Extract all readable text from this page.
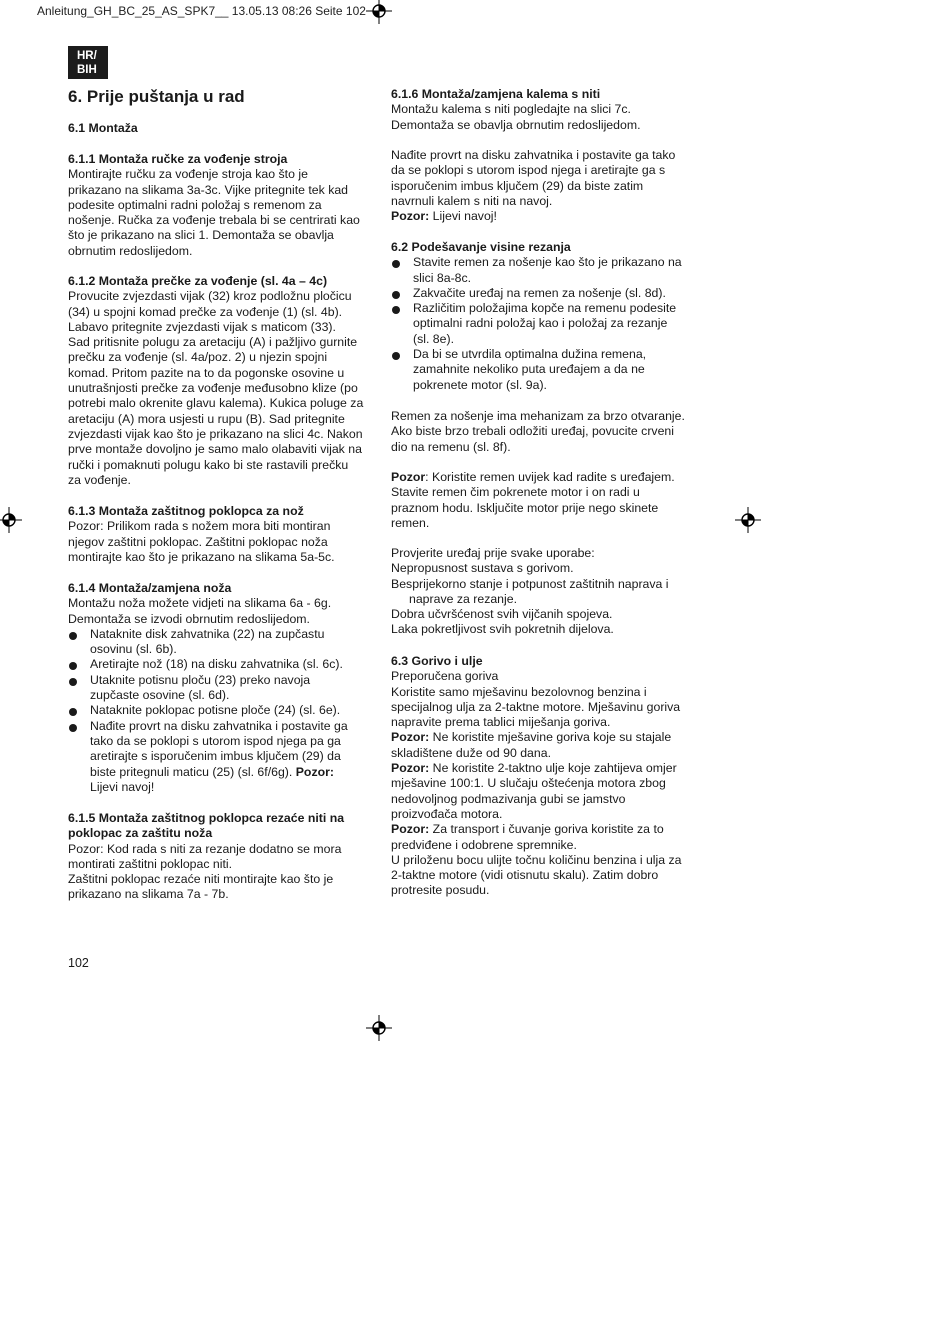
Anleitung_GH_BC_25_AS_SPK7__ 13.05.13 08:26 Seite 102
HR/
BIH
6. Prije puštanja u rad
6.1 Montaža
6.1.1 Montaža ručke za vođenje stroja
Montirajte ručku za vođenje stroja kao što je
prikazano na slikama 3a-3c. Vijke pritegnite tek kad
podesite optimalni radni položaj s remenom za
nošenje. Ručka za vođenje trebala bi se centrirati kao
što je prikazano na slici 1. Demontaža se obavlja
obrnutim redoslijedom.
6.1.2 Montaža prečke za vođenje (sl. 4a – 4c)
Provucite zvjezdasti vijak (32) kroz podložnu pločicu
(34) u spojni komad prečke za vođenje (1) (sl. 4b).
Labavo pritegnite zvjezdasti vijak s maticom (33).
Sad pritisnite polugu za aretaciju (A) i pažljivo gurnite
prečku za vođenje (sl. 4a/poz. 2) u njezin spojni
komad. Pritom pazite na to da pogonske osovine u
unutrašnjosti prečke za vođenje međusobno klize (po
potrebi malo okrenite glavu kalema). Kukica poluge za
aretaciju (A) mora usjesti u rupu (B). Sad pritegnite
zvjezdasti vijak kao što je prikazano na slici 4c. Nakon
prve montaže dovoljno je samo malo olabaviti vijak na
ručki i pomaknuti polugu kako bi ste rastavili prečku
za vođenje.
6.1.3 Montaža zaštitnog poklopca za nož
Pozor: Prilikom rada s nožem mora biti montiran
njegov zaštitni poklopac. Zaštitni poklopac noža
montirajte kao što je prikazano na slikama 5a-5c.
6.1.4 Montaža/zamjena noža
Montažu noža možete vidjeti na slikama 6a - 6g.
Demontaža se izvodi obrnutim redoslijedom.
Nataknite disk zahvatnika (22) na zupčastu
osovinu (sl. 6b).
Aretirajte nož (18) na disku zahvatnika (sl. 6c).
Utaknite potisnu ploču (23) preko navoja
zupčaste osovine (sl. 6d).
Nataknite poklopac potisne ploče (24) (sl. 6e).
Nađite provrt na disku zahvatnika i postavite ga
tako da se poklopi s utorom ispod njega pa ga
aretirajte s isporučenim imbus ključem (29) da
biste pritegnuli maticu (25) (sl. 6f/6g). Pozor:
Lijevi navoj!
6.1.5 Montaža zaštitnog poklopca rezaće niti na
poklopac za zaštitu noža
Pozor: Kod rada s niti za rezanje dodatno se mora
montirati zaštitni poklopac niti.
Zaštitni poklopac rezaće niti montirajte kao što je
prikazano na slikama 7a - 7b.
6.1.6 Montaža/zamjena kalema s niti
Montažu kalema s niti pogledajte na slici 7c.
Demontaža se obavlja obrnutim redoslijedom.
Nađite provrt na disku zahvatnika i postavite ga tako
da se poklopi s utorom ispod njega i aretirajte ga s
isporučenim imbus ključem (29) da biste zatim
navrnuli kalem s niti na navoj.
Pozor: Lijevi navoj!
6.2 Podešavanje visine rezanja
Stavite remen za nošenje kao što je prikazano na
slici 8a-8c.
Zakvačite uređaj na remen za nošenje (sl. 8d).
Različitim položajima kopče na remenu podesite
optimalni radni položaj kao i položaj za rezanje
(sl. 8e).
Da bi se utvrdila optimalna dužina remena,
zamahnite nekoliko puta uređajem a da ne
pokrenete motor (sl. 9a).
Remen za nošenje ima mehanizam za brzo otvaranje.
Ako biste brzo trebali odložiti uređaj, povucite crveni
dio na remenu (sl. 8f).
Pozor: Koristite remen uvijek kad radite s uređajem.
Stavite remen čim pokrenete motor i on radi u
praznom hodu. Isključite motor prije nego skinete
remen.
Provjerite uređaj prije svake uporabe:
Nepropusnost sustava s gorivom.
Besprijekorno stanje i potpunost zaštitnih naprava i
napravе za rezanje.
Dobra učvršćenost svih vijčanih spojeva.
Laka pokretljivost svih pokretnih dijelova.
6.3 Gorivo i ulje
Preporučena goriva
Koristite samo mješavinu bezolovnog benzina i
specijalnog ulja za 2-taktne motore. Mješavinu goriva
napravite prema tablici miješanja goriva.
Pozor: Ne koristite mješavine goriva koje su stajale
skladištene duže od 90 dana.
Pozor: Ne koristite 2-taktno ulje koje zahtijeva omjer
mješavine 100:1. U slučaju oštećenja motora zbog
nedovoljnog podmazivanja gubi se jamstvo
proizvođača motora.
Pozor: Za transport i čuvanje goriva koristite za to
predviđene i odobrene spremnike.
U priloženu bocu ulijte točnu količinu benzina i ulja za
2-taktne motore (vidi otisnutu skalu). Zatim dobro
protresite posudu.
102
